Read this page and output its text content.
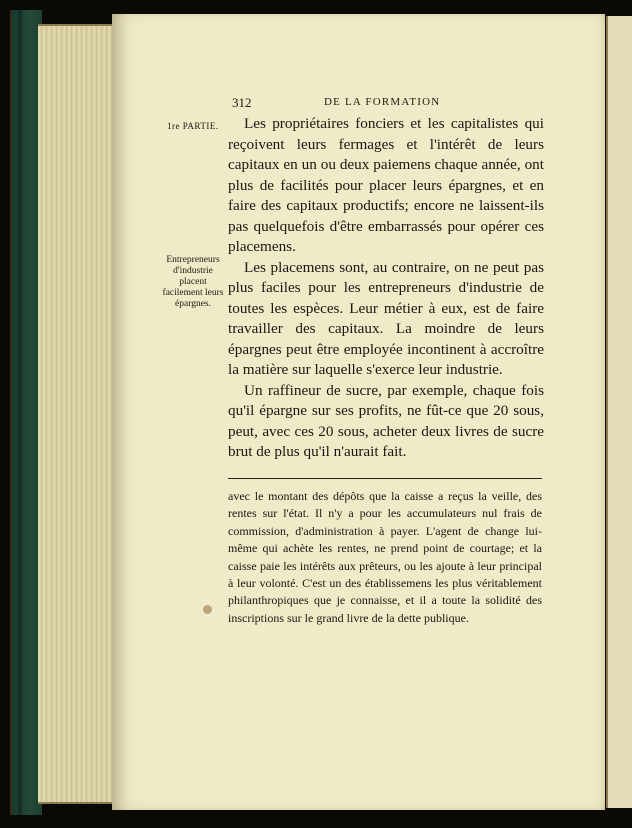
312	DE LA FORMATION
1re PARTIE.
Entrepreneurs d'industrie placent facilement leurs épargnes.

Les propriétaires fonciers et les capitalistes qui reçoivent leurs fermages et l'intérêt de leurs capitaux en un ou deux paiemens chaque année, ont plus de facilités pour placer leurs épargnes, et en faire des capitaux productifs; encore ne laissent-ils pas quelquefois d'être embarrassés pour opérer ces placemens.

Les placemens sont, au contraire, on ne peut pas plus faciles pour les entrepreneurs d'industrie de toutes les espèces. Leur métier à eux, est de faire travailler des capitaux. La moindre de leurs épargnes peut être employée incontinent à accroître la matière sur laquelle s'exerce leur industrie.

Un raffineur de sucre, par exemple, chaque fois qu'il épargne sur ses profits, ne fût-ce que 20 sous, peut, avec ces 20 sous, acheter deux livres de sucre brut de plus qu'il n'aurait fait.

avec le montant des dépôts que la caisse a reçus la veille, des rentes sur l'état. Il n'y a pour les accumulateurs nul frais de commission, d'administration à payer. L'agent de change lui-même qui achète les rentes, ne prend point de courtage; et la caisse paie les intérêts aux prêteurs, ou les ajoute à leur principal à leur volonté. C'est un des établissemens les plus véritablement philanthropiques que je connaisse, et il a toute la solidité des inscriptions sur le grand livre de la dette publique.
